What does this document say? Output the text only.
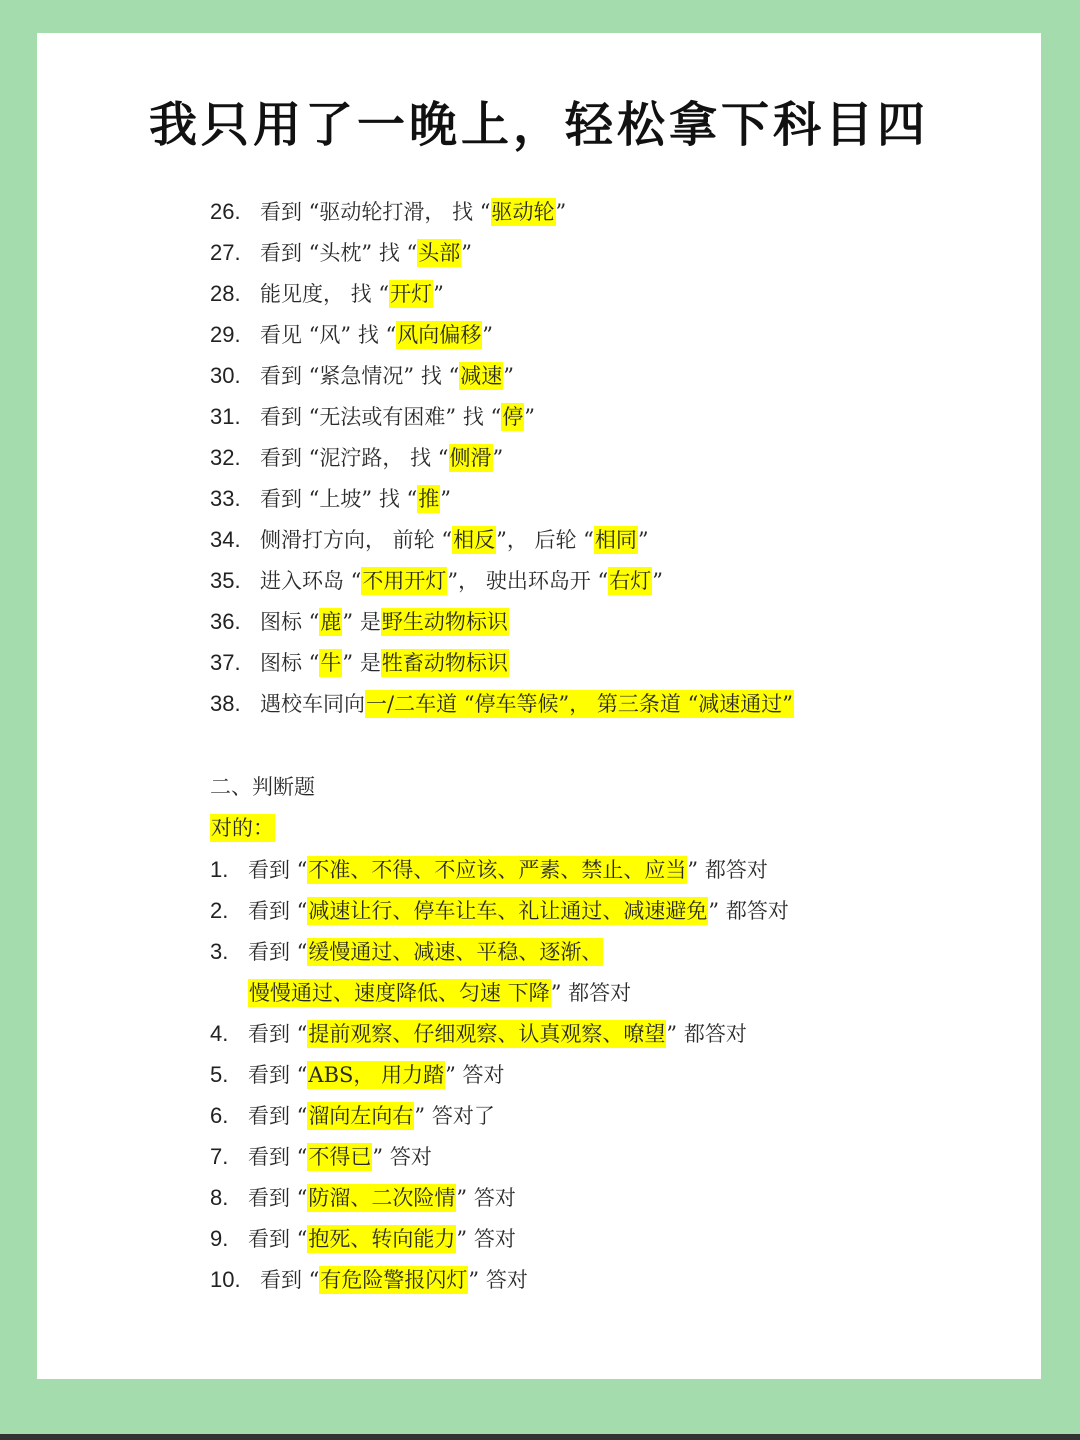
我只用了一晚上，轻松拿下科目四
26. 看到 “驱动轮打滑， 找 “驱动轮”
27. 看到 “头枕” 找 “头部”
28. 能见度， 找 “开灯”
29. 看见 “风” 找 “风向偏移”
30. 看到 “紧急情况” 找 “减速”
31. 看到 “无法或有困难” 找 “停”
32. 看到 “泥泞路， 找 “侧滑”
33. 看到 “上坡” 找 “推”
34. 侧滑打方向， 前轮 “相反”， 后轮 “相同”
35. 进入环岛 “不用开灯”， 驶出环岛开 “右灯”
36. 图标 “鹿” 是野生动物标识
37. 图标 “牛” 是牲畜动物标识
38. 遇校车同向一/二车道 “停车等候”， 第三条道 “减速通过”
二、判断题
对的：
1. 看到 “不准、不得、不应该、严素、禁止、应当” 都答对
2. 看到 “减速让行、停车让车、礼让通过、减速避免” 都答对
3. 看到 “缓慢通过、减速、平稳、逐渐、
慢慢通过、速度降低、匀速 下降” 都答对
4. 看到 “提前观察、仔细观察、认真观察、嘹望” 都答对
5. 看到 “ABS， 用力踏” 答对
6. 看到 “溜向左向右” 答对了
7. 看到 “不得已” 答对
8. 看到 “防溜、二次险情” 答对
9. 看到 “抱死、转向能力” 答对
10. 看到 “有危险警报闪灯” 答对
